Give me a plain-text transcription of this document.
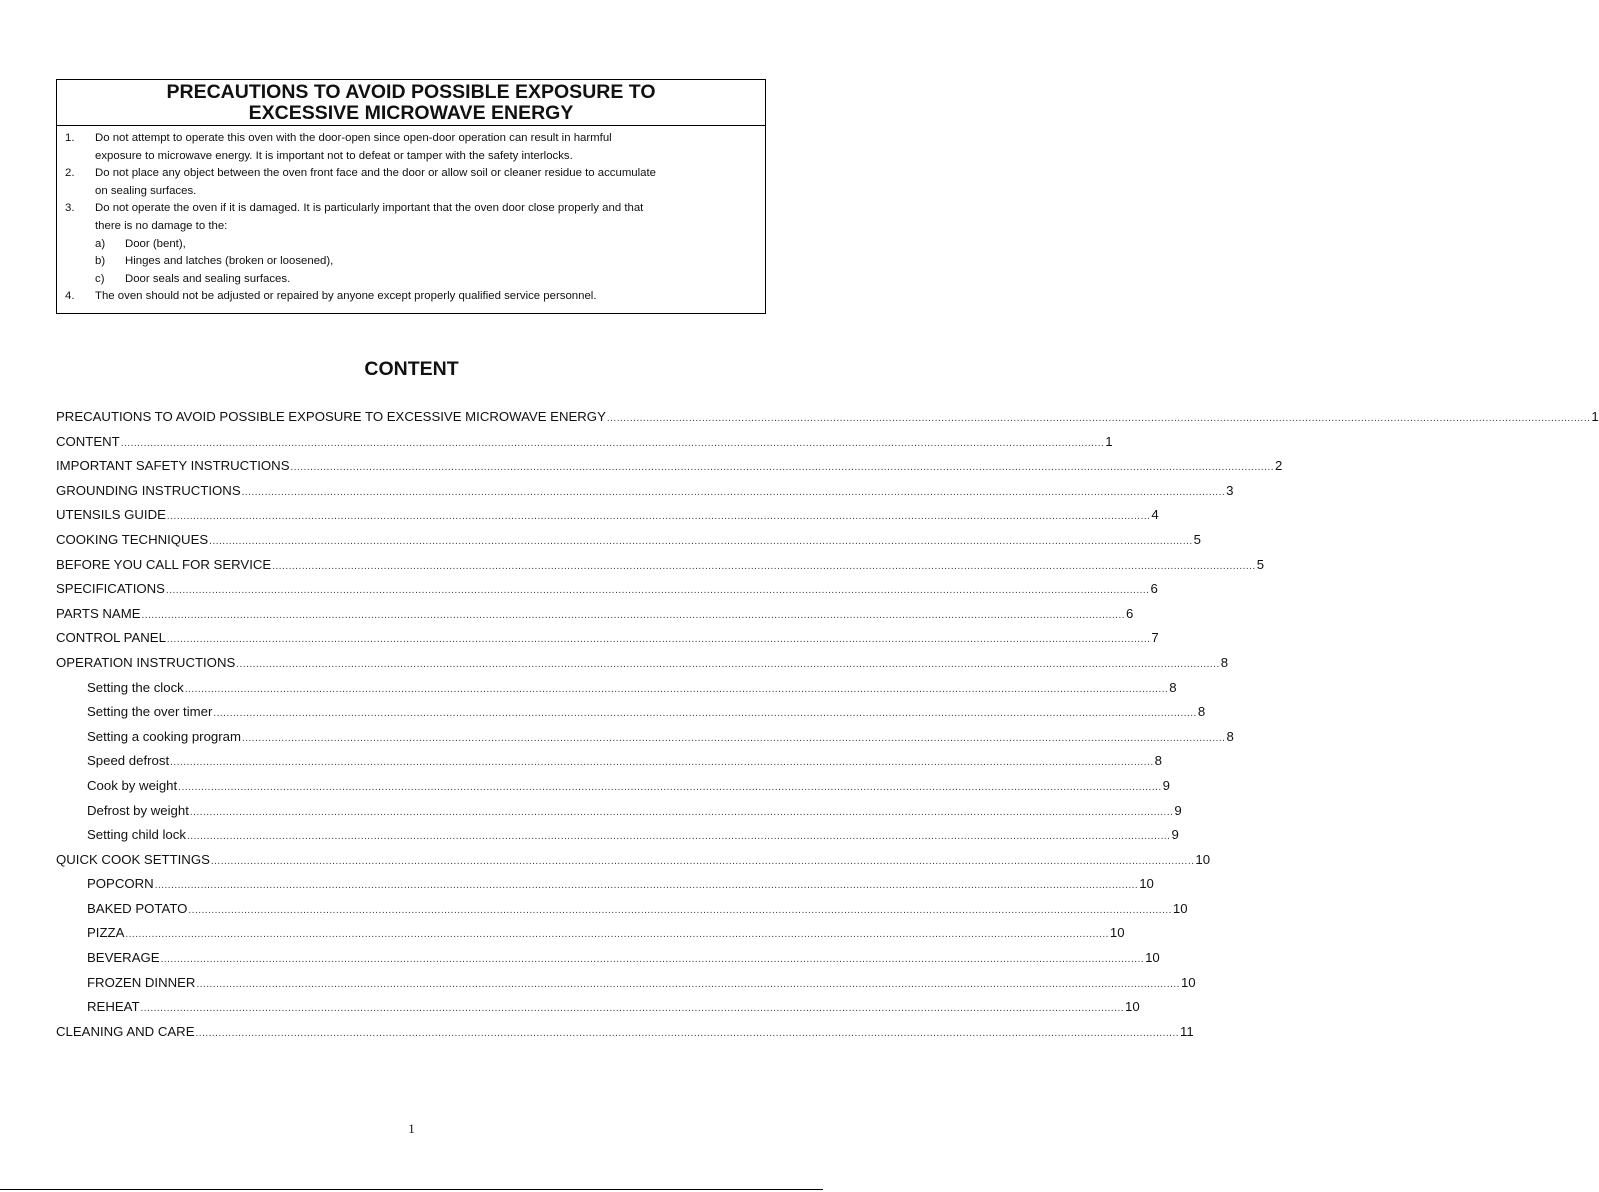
PRECAUTIONS TO AVOID POSSIBLE EXPOSURE TO
EXCESSIVE MICROWAVE ENERGY
1.	Do not attempt to operate this oven with the door-open since open-door operation can result in harmful
exposure to microwave energy. It is important not to defeat or tamper with the safety interlocks.
2.	Do not place any object between the oven front face and the door or allow soil or cleaner residue to accumulate
on sealing surfaces.
3.	Do not operate the oven if it is damaged. It is particularly important that the oven door close properly and that
there is no damage to the:
a)	Door (bent),
b)	Hinges and latches (broken or loosened),
c)	Door seals and sealing surfaces.
4.	The oven should not be adjusted or repaired by anyone except properly qualified service personnel.
CONTENT
PRECAUTIONS TO AVOID POSSIBLE EXPOSURE TO EXCESSIVE MICROWAVE ENERGY ............................................................................................................................................................................................................................................................................................................ 1
CONTENT ............................................................................................................................................................................................................................................................................................................ 1
IMPORTANT SAFETY INSTRUCTIONS ............................................................................................................................................................................................................................................................................................................ 2
GROUNDING INSTRUCTIONS ............................................................................................................................................................................................................................................................................................................ 3
UTENSILS GUIDE ............................................................................................................................................................................................................................................................................................................ 4
COOKING TECHNIQUES ............................................................................................................................................................................................................................................................................................................ 5
BEFORE YOU CALL FOR SERVICE ............................................................................................................................................................................................................................................................................................................ 5
SPECIFICATIONS ............................................................................................................................................................................................................................................................................................................ 6
PARTS NAME ............................................................................................................................................................................................................................................................................................................ 6
CONTROL PANEL ............................................................................................................................................................................................................................................................................................................ 7
OPERATION INSTRUCTIONS ............................................................................................................................................................................................................................................................................................................ 8
Setting the clock ............................................................................................................................................................................................................................................................................................................ 8
Setting the over timer ............................................................................................................................................................................................................................................................................................................ 8
Setting a cooking program ............................................................................................................................................................................................................................................................................................................ 8
Speed defrost ............................................................................................................................................................................................................................................................................................................ 8
Cook by weight ............................................................................................................................................................................................................................................................................................................ 9
Defrost by weight ............................................................................................................................................................................................................................................................................................................ 9
Setting child lock ............................................................................................................................................................................................................................................................................................................ 9
QUICK COOK SETTINGS ............................................................................................................................................................................................................................................................................................................ 10
POPCORN ............................................................................................................................................................................................................................................................................................................ 10
BAKED POTATO ............................................................................................................................................................................................................................................................................................................ 10
PIZZA ............................................................................................................................................................................................................................................................................................................ 10
BEVERAGE ............................................................................................................................................................................................................................................................................................................ 10
FROZEN DINNER ............................................................................................................................................................................................................................................................................................................ 10
REHEAT ............................................................................................................................................................................................................................................................................................................ 10
CLEANING AND CARE ............................................................................................................................................................................................................................................................................................................ 11
1
